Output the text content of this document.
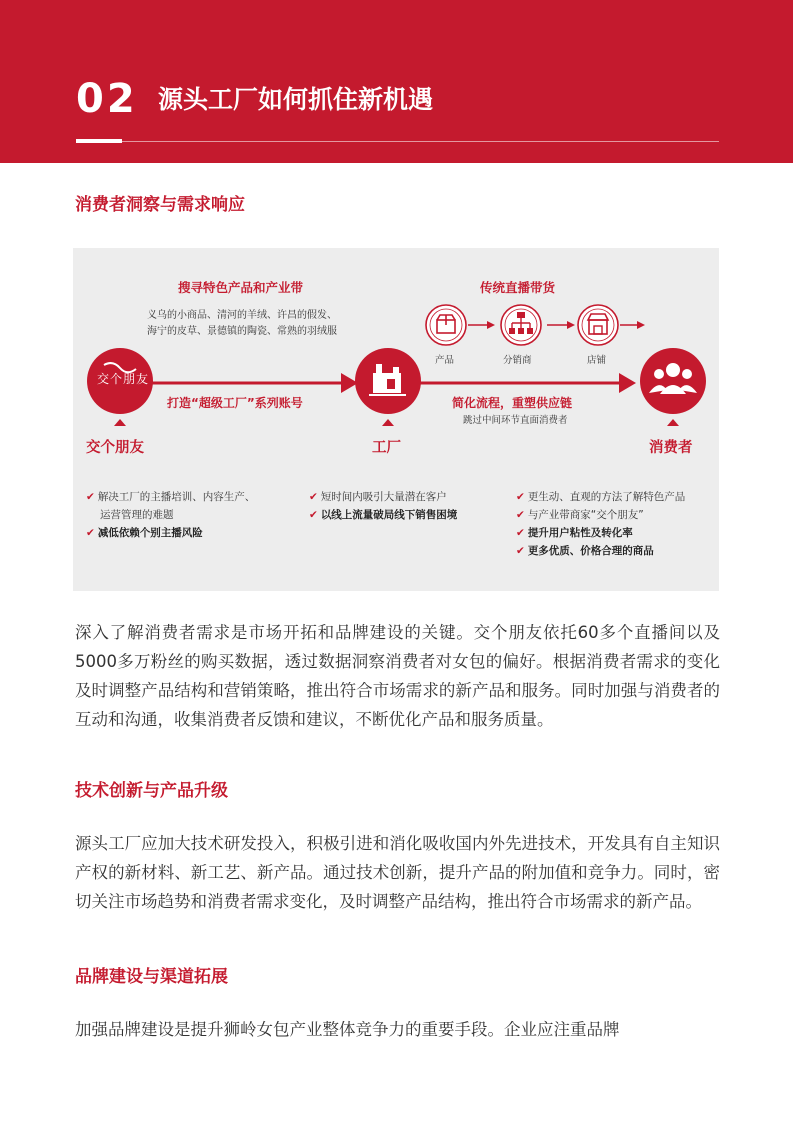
02 源头工厂如何抓住新机遇
消费者洞察与需求响应
交个朋友
搜寻特色产品和产业带
义乌的小商品、清河的羊绒、许昌的假发、
海宁的皮草、景德镇的陶瓷、常熟的羽绒服
传统直播带货
产品	分销商	店铺
打造“超级工厂”系列账号	简化流程，重塑供应链
跳过中间环节直面消费者
交个朋友	工厂	消费者
✔ 解决工厂的主播培训、内容生产、
运营管理的难题
✔ 减低依赖个别主播风险
✔ 短时间内吸引大量潜在客户
✔ 以线上流量破局线下销售困境
✔ 更生动、直观的方法了解特色产品
✔ 与产业带商家“交个朋友”
✔ 提升用户粘性及转化率
✔ 更多优质、价格合理的商品
深入了解消费者需求是市场开拓和品牌建设的关键。交个朋友依托60多个直播间以及5000多万粉丝的购买数据，透过数据洞察消费者对女包的偏好。根据消费者需求的变化及时调整产品结构和营销策略，推出符合市场需求的新产品和服务。同时加强与消费者的互动和沟通，收集消费者反馈和建议，不断优化产品和服务质量。
技术创新与产品升级
源头工厂应加大技术研发投入，积极引进和消化吸收国内外先进技术，开发具有自主知识产权的新材料、新工艺、新产品。通过技术创新，提升产品的附加值和竞争力。同时，密切关注市场趋势和消费者需求变化，及时调整产品结构，推出符合市场需求的新产品。
品牌建设与渠道拓展
加强品牌建设是提升狮岭女包产业整体竞争力的重要手段。企业应注重品牌
